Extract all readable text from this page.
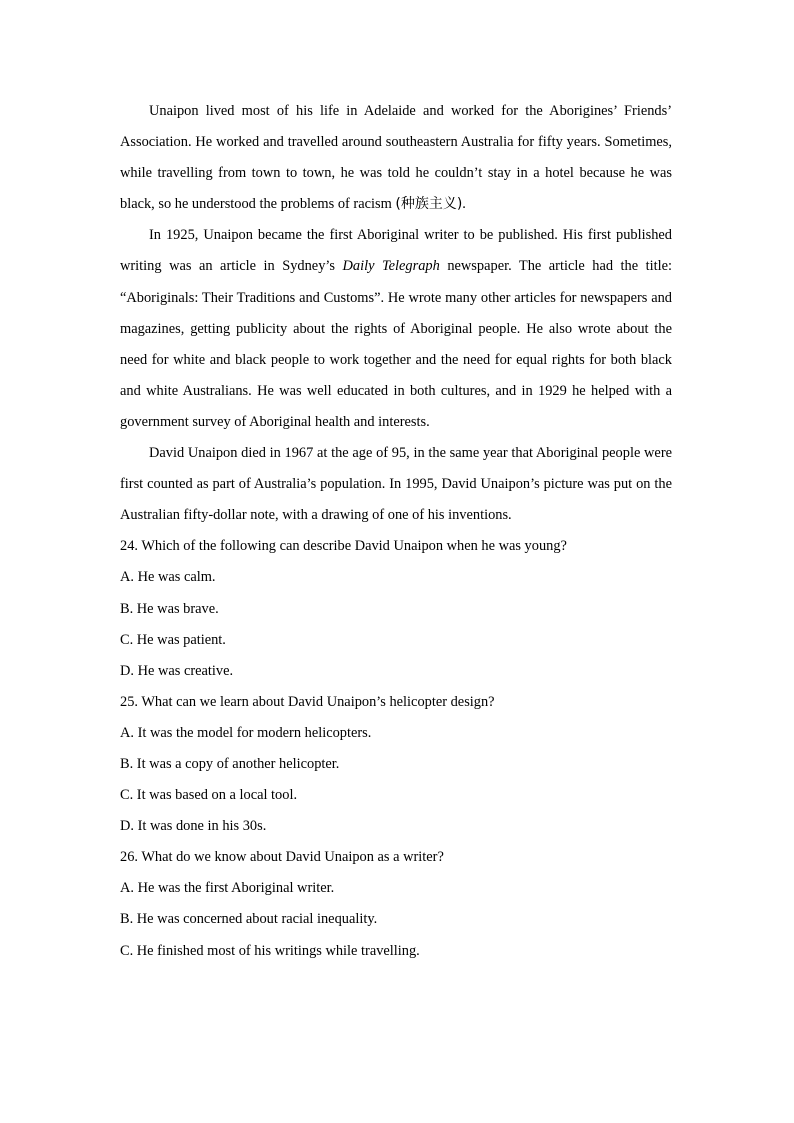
Unaipon lived most of his life in Adelaide and worked for the Aborigines’ Friends’ Association. He worked and travelled around southeastern Australia for fifty years. Sometimes, while travelling from town to town, he was told he couldn’t stay in a hotel because he was black, so he understood the problems of racism (种族主义).

In 1925, Unaipon became the first Aboriginal writer to be published. His first published writing was an article in Sydney’s Daily Telegraph newspaper. The article had the title: “Aboriginals: Their Traditions and Customs”. He wrote many other articles for newspapers and magazines, getting publicity about the rights of Aboriginal people. He also wrote about the need for white and black people to work together and the need for equal rights for both black and white Australians. He was well educated in both cultures, and in 1929 he helped with a government survey of Aboriginal health and interests.

David Unaipon died in 1967 at the age of 95, in the same year that Aboriginal people were first counted as part of Australia’s population. In 1995, David Unaipon’s picture was put on the Australian fifty-dollar note, with a drawing of one of his inventions.

24. Which of the following can describe David Unaipon when he was young?

A. He was calm.

B. He was brave.

C. He was patient.

D. He was creative.

25. What can we learn about David Unaipon’s helicopter design?

A. It was the model for modern helicopters.

B. It was a copy of another helicopter.

C. It was based on a local tool.

D. It was done in his 30s.

26. What do we know about David Unaipon as a writer?

A. He was the first Aboriginal writer.

B. He was concerned about racial inequality.

C. He finished most of his writings while travelling.
